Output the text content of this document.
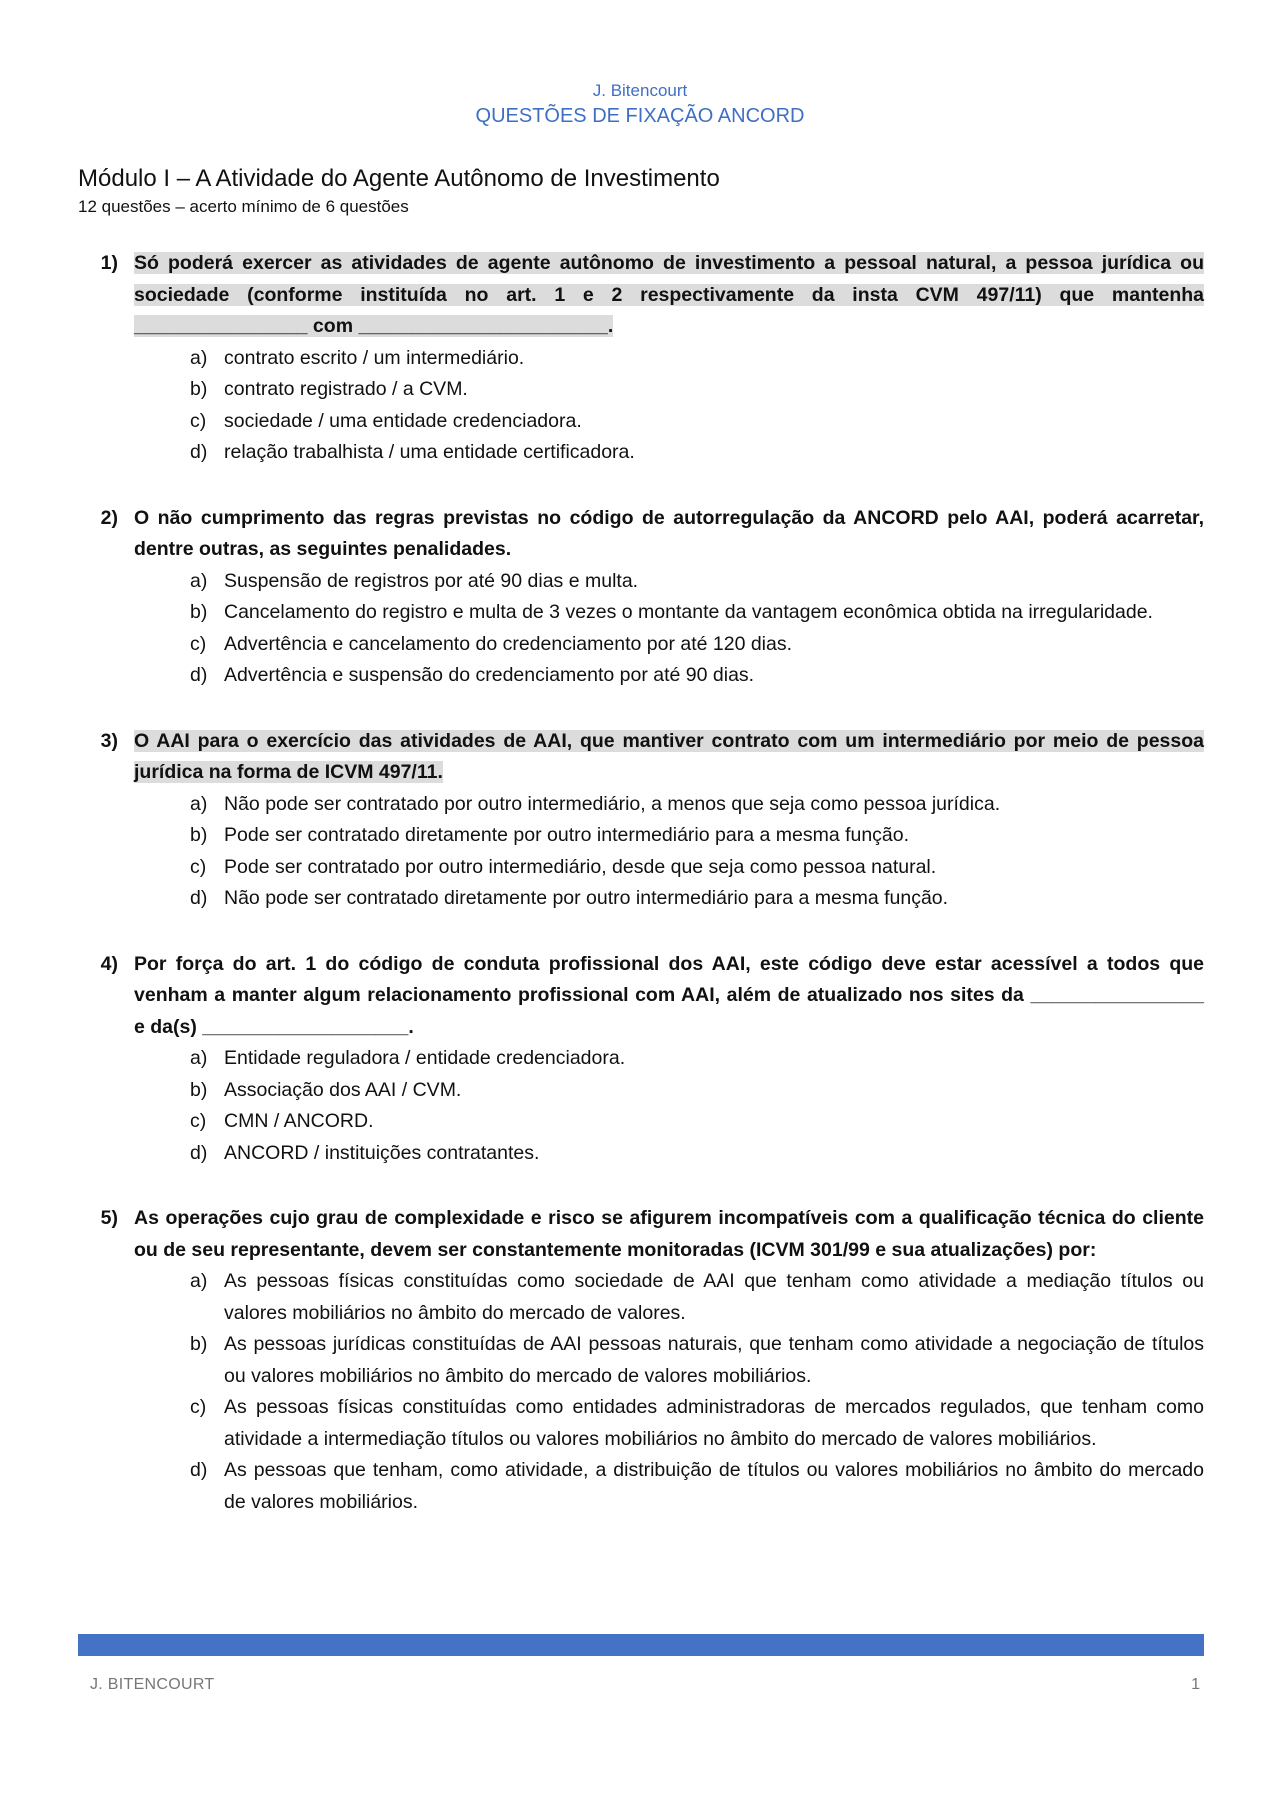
J. Bitencourt
QUESTÕES DE FIXAÇÃO ANCORD
Módulo I – A Atividade do Agente Autônomo de Investimento
12 questões – acerto mínimo de 6 questões
1) Só poderá exercer as atividades de agente autônomo de investimento a pessoal natural, a pessoa jurídica ou sociedade (conforme instituída no art. 1 e 2 respectivamente da insta CVM 497/11) que mantenha ________________ com _______________________.
a) contrato escrito / um intermediário.
b) contrato registrado / a CVM.
c) sociedade / uma entidade credenciadora.
d) relação trabalhista / uma entidade certificadora.
2) O não cumprimento das regras previstas no código de autorregulação da ANCORD pelo AAI, poderá acarretar, dentre outras, as seguintes penalidades.
a) Suspensão de registros por até 90 dias e multa.
b) Cancelamento do registro e multa de 3 vezes o montante da vantagem econômica obtida na irregularidade.
c) Advertência e cancelamento do credenciamento por até 120 dias.
d) Advertência e suspensão do credenciamento por até 90 dias.
3) O AAI para o exercício das atividades de AAI, que mantiver contrato com um intermediário por meio de pessoa jurídica na forma de ICVM 497/11.
a) Não pode ser contratado por outro intermediário, a menos que seja como pessoa jurídica.
b) Pode ser contratado diretamente por outro intermediário para a mesma função.
c) Pode ser contratado por outro intermediário, desde que seja como pessoa natural.
d) Não pode ser contratado diretamente por outro intermediário para a mesma função.
4) Por força do art. 1 do código de conduta profissional dos AAI, este código deve estar acessível a todos que venham a manter algum relacionamento profissional com AAI, além de atualizado nos sites da ________________ e da(s) ___________________.
a) Entidade reguladora / entidade credenciadora.
b) Associação dos AAI / CVM.
c) CMN / ANCORD.
d) ANCORD / instituições contratantes.
5) As operações cujo grau de complexidade e risco se afigurem incompatíveis com a qualificação técnica do cliente ou de seu representante, devem ser constantemente monitoradas (ICVM 301/99 e sua atualizações) por:
a) As pessoas físicas constituídas como sociedade de AAI que tenham como atividade a mediação títulos ou valores mobiliários no âmbito do mercado de valores.
b) As pessoas jurídicas constituídas de AAI pessoas naturais, que tenham como atividade a negociação de títulos ou valores mobiliários no âmbito do mercado de valores mobiliários.
c) As pessoas físicas constituídas como entidades administradoras de mercados regulados, que tenham como atividade a intermediação títulos ou valores mobiliários no âmbito do mercado de valores mobiliários.
d) As pessoas que tenham, como atividade, a distribuição de títulos ou valores mobiliários no âmbito do mercado de valores mobiliários.
J. BITENCOURT	1
